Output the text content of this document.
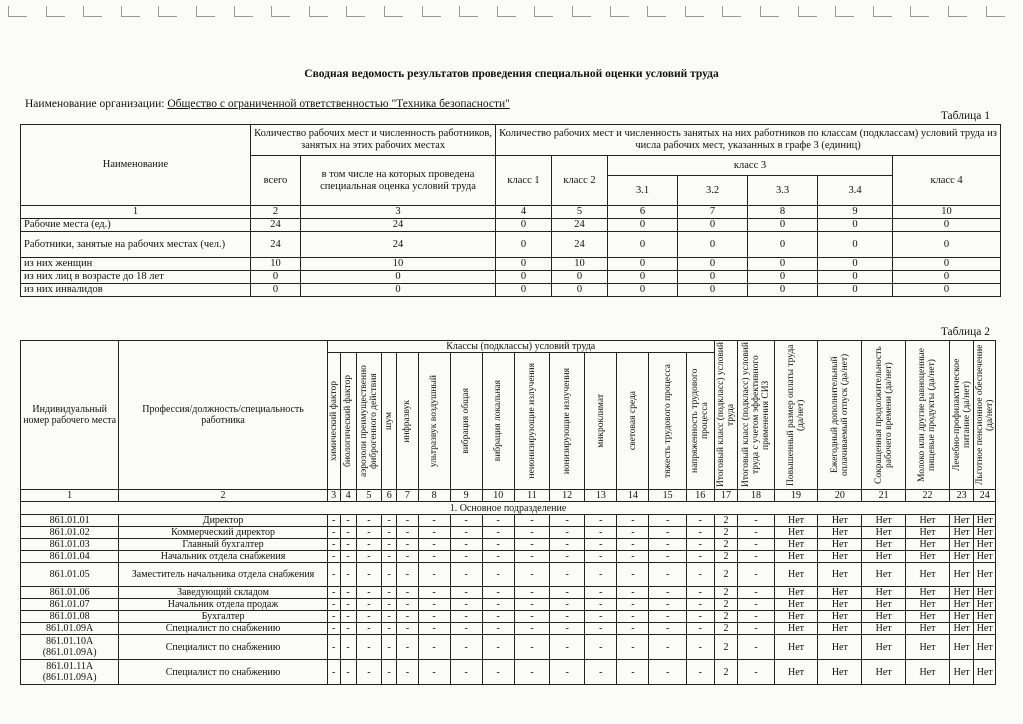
Сводная ведомость результатов проведения специальной оценки условий труда
Наименование организации: Общество с ограниченной ответственностью "Техника безопасности"
Таблица 1
Наименование	Количество рабочих мест и численность работников, занятых на этих рабочих местах		Количество рабочих мест и численность занятых на них работников по классам (подклассам) условий труда из числа рабочих мест, указанных в графе 3 (единиц)						
	всего	в том числе на которых проведена специальная оценка условий труда	класс 1	класс 2	класс 3				класс 4
					3.1	3.2	3.3	3.4	
1	2	3	4	5	6	7	8	9	10
Рабочие места (ед.)	24	24	0	24	0	0	0	0	0
Работники, занятые на рабочих местах (чел.)	24	24	0	24	0	0	0	0	0
из них женщин	10	10	0	10	0	0	0	0	0
из них лиц в возрасте до 18 лет	0	0	0	0	0	0	0	0	0
из них инвалидов	0	0	0	0	0	0	0	0	0
Таблица 2
Индивидуальный номер рабочего места	Профессия/должность/специальность работника	Классы (подклассы) условий труда														Итоговый класс (подкласс) условий труда	Итоговый класс (подкласс) условий труда с учетом эффективного применения СИЗ	Повышенный размер оплаты труда (да/нет)	Ежегодный дополнительный оплачиваемый отпуск (да/нет)	Сокращенная продолжительность рабочего времени (да/нет)	Молоко или другие равноценные пищевые продукты (да/нет)	Лечебно-профилактическое питание (да/нет)	Льготное пенсионное обеспечение (да/нет)

		химический фактор	биологический фактор	аэрозоли преимущественно фиброгенного действия	шум	инфразвук	ультразвук воздушный	вибрация общая	вибрация локальная	неионизирующие излучения	ионизирующие излучения	микроклимат	световая среда	тяжесть трудового процесса	напряженность трудового процесса								

1	2	3	4	5	6	7	8	9	10	11	12	13	14	15	16	17	18	19	20	21	22	23	24
1. Основное подразделение																							
861.01.01	Директор	-	-	-	-	-	-	-	-	-	-	-	-	-	-	2	-	Нет	Нет	Нет	Нет	Нет	Нет
861.01.02	Коммерческий директор	-	-	-	-	-	-	-	-	-	-	-	-	-	-	2	-	Нет	Нет	Нет	Нет	Нет	Нет
861.01.03	Главный бухгалтер	-	-	-	-	-	-	-	-	-	-	-	-	-	-	2	-	Нет	Нет	Нет	Нет	Нет	Нет
861.01.04	Начальник отдела снабжения	-	-	-	-	-	-	-	-	-	-	-	-	-	-	2	-	Нет	Нет	Нет	Нет	Нет	Нет
861.01.05	Заместитель начальника отдела снабжения	-	-	-	-	-	-	-	-	-	-	-	-	-	-	2	-	Нет	Нет	Нет	Нет	Нет	Нет
861.01.06	Заведующий складом	-	-	-	-	-	-	-	-	-	-	-	-	-	-	2	-	Нет	Нет	Нет	Нет	Нет	Нет
861.01.07	Начальник отдела продаж	-	-	-	-	-	-	-	-	-	-	-	-	-	-	2	-	Нет	Нет	Нет	Нет	Нет	Нет
861.01.08	Бухгалтер	-	-	-	-	-	-	-	-	-	-	-	-	-	-	2	-	Нет	Нет	Нет	Нет	Нет	Нет
861.01.09А	Специалист по снабжению	-	-	-	-	-	-	-	-	-	-	-	-	-	-	2	-	Нет	Нет	Нет	Нет	Нет	Нет
861.01.10А (861.01.09А)	Специалист по снабжению	-	-	-	-	-	-	-	-	-	-	-	-	-	-	2	-	Нет	Нет	Нет	Нет	Нет	Нет
861.01.11А (861.01.09А)	Специалист по снабжению	-	-	-	-	-	-	-	-	-	-	-	-	-	-	2	-	Нет	Нет	Нет	Нет	Нет	Нет
